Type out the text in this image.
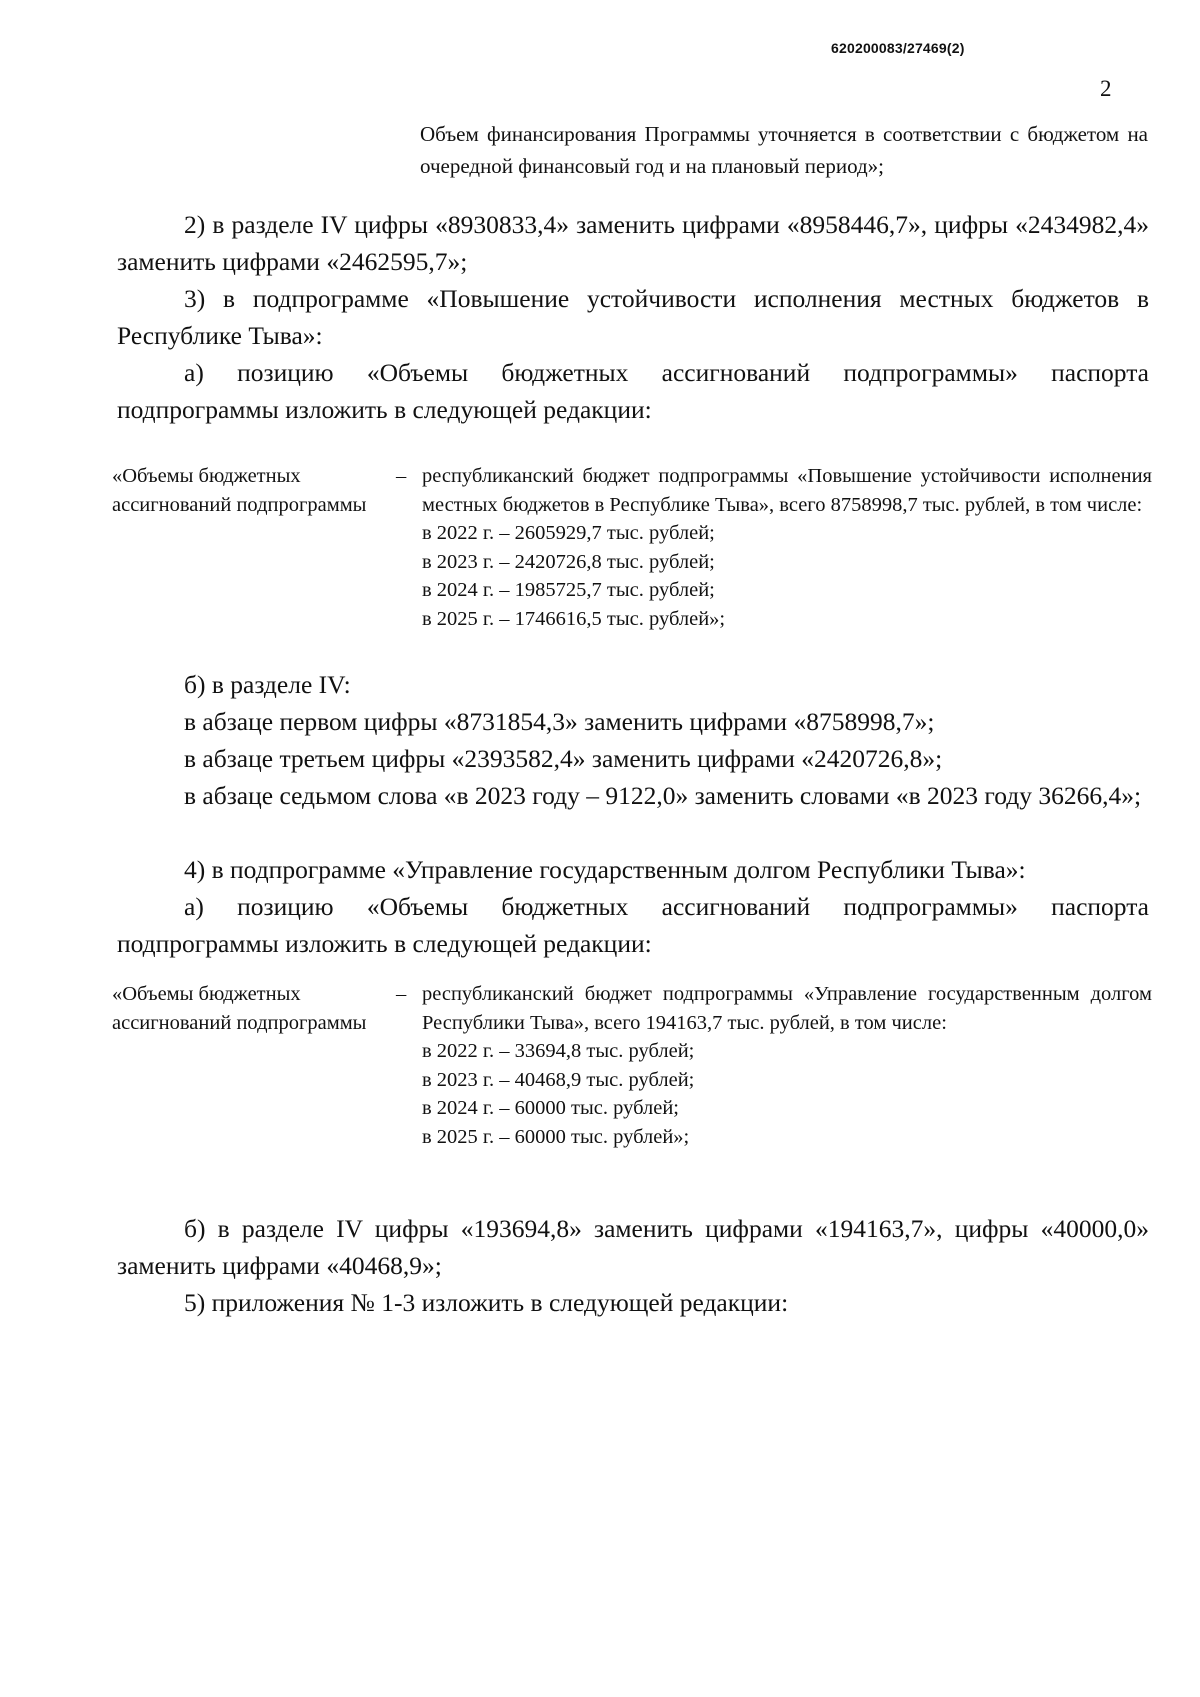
620200083/27469(2)
2
Объем финансирования Программы уточняется в соответствии с бюджетом на очередной финансовый год и на плановый период»;

2) в разделе IV цифры «8930833,4» заменить цифрами «8958446,7», цифры «2434982,4» заменить цифрами «2462595,7»;

3) в подпрограмме «Повышение устойчивости исполнения местных бюджетов в Республике Тыва»:

а) позицию «Объемы бюджетных ассигнований подпрограммы» паспорта подпрограммы изложить в следующей редакции:

«Объемы бюджетных ассигнований подпрограммы
– республиканский бюджет подпрограммы «Повышение устойчивости исполнения местных бюджетов в Республике Тыва», всего 8758998,7 тыс. рублей, в том числе:

в 2022 г. – 2605929,7 тыс. рублей;
в 2023 г. – 2420726,8 тыс. рублей;
в 2024 г. – 1985725,7 тыс. рублей;
в 2025 г. – 1746616,5 тыс. рублей»;

б) в разделе IV:

в абзаце первом цифры «8731854,3» заменить цифрами «8758998,7»;

в абзаце третьем цифры «2393582,4» заменить цифрами «2420726,8»;

в абзаце седьмом слова «в 2023 году – 9122,0» заменить словами «в 2023 году 36266,4»;

4) в подпрограмме «Управление государственным долгом Республики Тыва»:

а) позицию «Объемы бюджетных ассигнований подпрограммы» паспорта подпрограммы изложить в следующей редакции:

«Объемы бюджетных ассигнований подпрограммы
– республиканский бюджет подпрограммы «Управление государственным долгом Республики Тыва», всего 194163,7 тыс. рублей, в том числе:

в 2022 г. – 33694,8 тыс. рублей;
в 2023 г. – 40468,9 тыс. рублей;
в 2024 г. – 60000 тыс. рублей;
в 2025 г. – 60000 тыс. рублей»;

б) в разделе IV цифры «193694,8» заменить цифрами «194163,7», цифры «40000,0» заменить цифрами «40468,9»;

5) приложения № 1-3 изложить в следующей редакции:
